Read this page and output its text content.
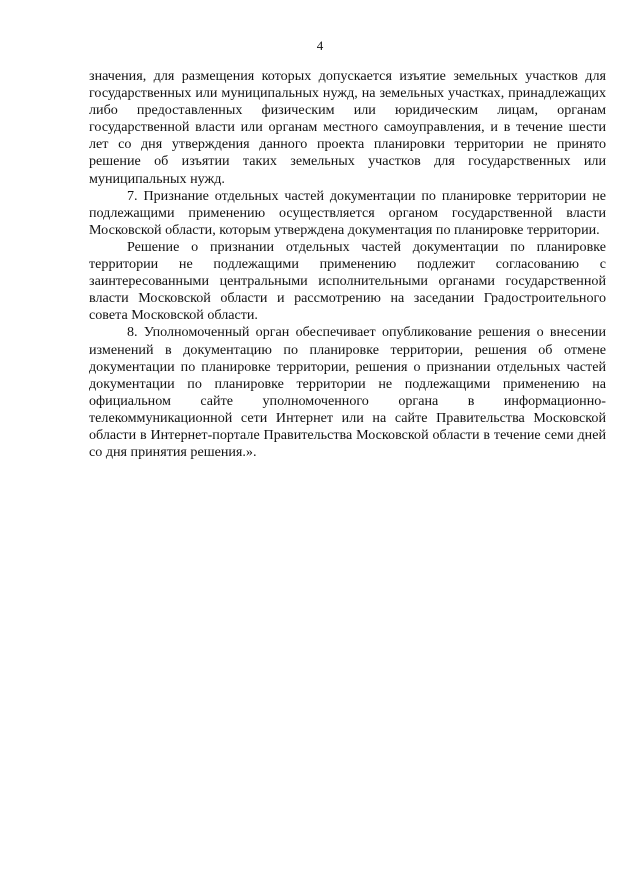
4

значения, для размещения которых допускается изъятие земельных участков для государственных или муниципальных нужд, на земельных участках, принадлежащих либо предоставленных физическим или юридическим лицам, органам государственной власти или органам местного самоуправления, и в течение шести лет со дня утверждения данного проекта планировки территории не принято решение об изъятии таких земельных участков для государственных или муниципальных нужд.

7. Признание отдельных частей документации по планировке территории не подлежащими применению осуществляется органом государственной власти Московской области, которым утверждена документация по планировке территории.

Решение о признании отдельных частей документации по планировке территории не подлежащими применению подлежит согласованию с заинтересованными центральными исполнительными органами государственной власти Московской области и рассмотрению на заседании Градостроительного совета Московской области.

8. Уполномоченный орган обеспечивает опубликование решения о внесении изменений в документацию по планировке территории, решения об отмене документации по планировке территории, решения о признании отдельных частей документации по планировке территории не подлежащими применению на официальном сайте уполномоченного органа в информационно-телекоммуникационной сети Интернет или на сайте Правительства Московской области в Интернет-портале Правительства Московской области в течение семи дней со дня принятия решения.».
